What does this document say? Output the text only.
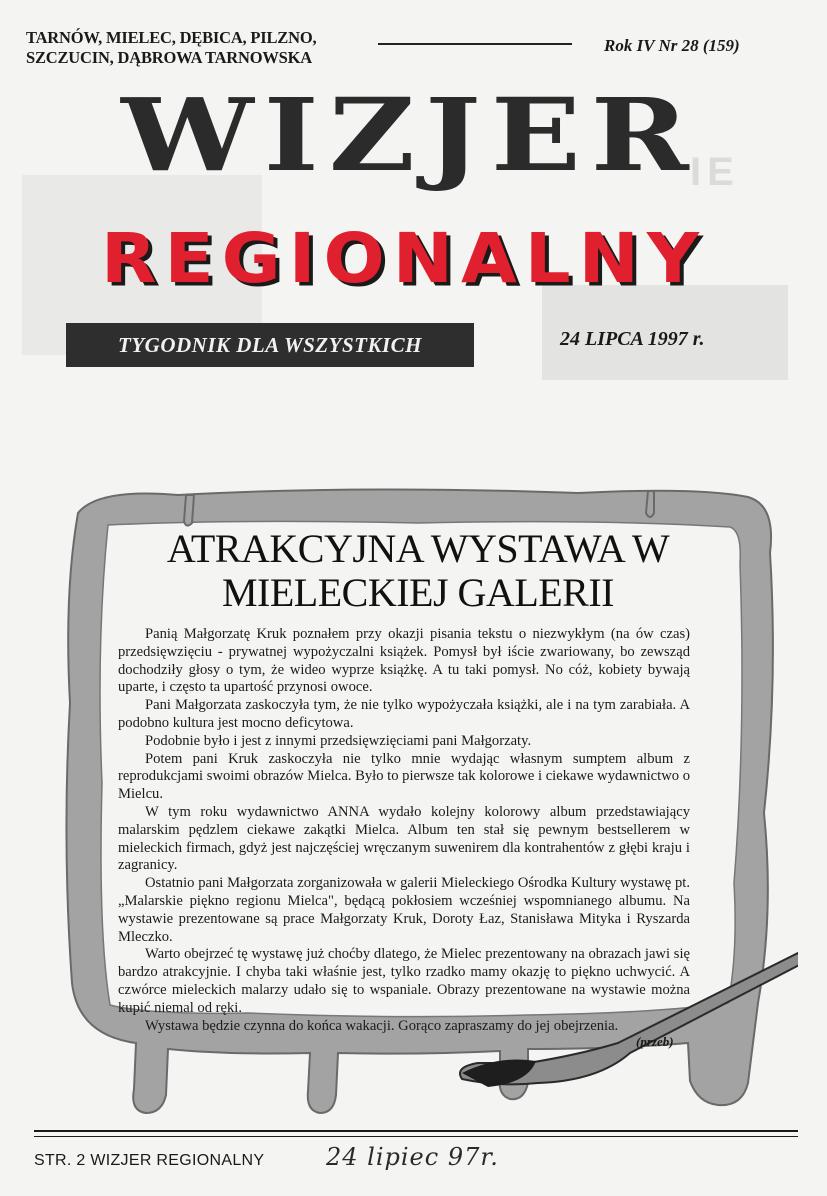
IE
TARNÓW, MIELEC, DĘBICA, PILZNO,
SZCZUCIN, DĄBROWA TARNOWSKA
Rok IV Nr 28 (159)
WIZJER
REGIONALNY
TYGODNIK DLA WSZYSTKICH	24 LIPCA 1997 r.
ATRAKCYJNA WYSTAWA W
MIELECKIEJ GALERII

Panią Małgorzatę Kruk poznałem przy okazji pisania tekstu o niezwykłym (na ów czas) przedsięwzięciu - prywatnej wypożyczalni książek. Pomysł był iście zwariowany, bo zewsząd dochodziły głosy o tym, że wideo wyprze książkę. A tu taki pomysł. No cóż, kobiety bywają uparte, i często ta upartość przynosi owoce.

Pani Małgorzata zaskoczyła tym, że nie tylko wypożyczała książki, ale i na tym zarabiała. A podobno kultura jest mocno deficytowa.

Podobnie było i jest z innymi przedsięwzięciami pani Małgorzaty.

Potem pani Kruk zaskoczyła nie tylko mnie wydając własnym sumptem album z reprodukcjami swoimi obrazów Mielca. Było to pierwsze tak kolorowe i ciekawe wydawnictwo o Mielcu.

W tym roku wydawnictwo ANNA wydało kolejny kolorowy album przedstawiający malarskim pędzlem ciekawe zakątki Mielca. Album ten stał się pewnym bestsellerem w mieleckich firmach, gdyż jest najczęściej wręczanym suwenirem dla kontrahentów z głębi kraju i zagranicy.

Ostatnio pani Małgorzata zorganizowała w galerii Mieleckiego Ośrodka Kultury wystawę pt. „Malarskie piękno regionu Mielca", będącą pokłosiem wcześniej wspomnianego albumu. Na wystawie prezentowane są prace Małgorzaty Kruk, Doroty Łaz, Stanisława Mityka i Ryszarda Mleczko.

Warto obejrzeć tę wystawę już choćby dlatego, że Mielec prezentowany na obrazach jawi się bardzo atrakcyjnie. I chyba taki właśnie jest, tylko rzadko mamy okazję to piękno uchwycić. A czwórce mieleckich malarzy udało się to wspaniale. Obrazy prezentowane na wystawie można kupić niemal od ręki.

Wystawa będzie czynna do końca wakacji. Gorąco zapraszamy do jej obejrzenia.

(przeb)
STR. 2 WIZJER REGIONALNY	24 lipiec 97r.
